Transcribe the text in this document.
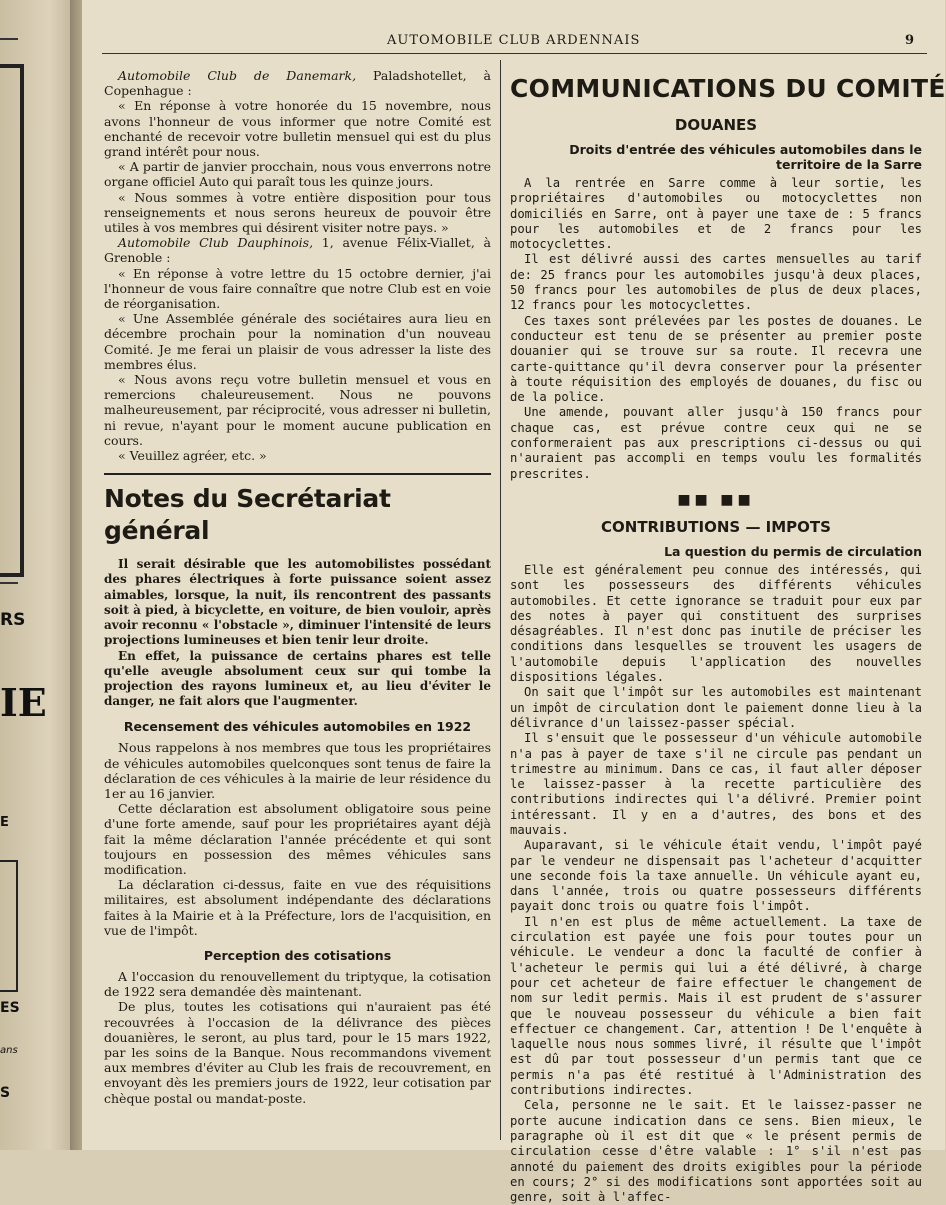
RS
IE
E
ES
ans
S
AUTOMOBILE CLUB ARDENNAIS	9

Automobile Club de Danemark, Paladshotellet, à Copenhague :

« En réponse à votre honorée du 15 novembre, nous avons l'honneur de vous informer que notre Comité est enchanté de recevoir votre bulletin mensuel qui est du plus grand intérêt pour nous.

« A partir de janvier procchain, nous vous enverrons notre organe officiel Auto qui paraît tous les quinze jours.

« Nous sommes à votre entière disposition pour tous renseignements et nous serons heureux de pouvoir être utiles à vos membres qui désirent visiter notre pays. »

Automobile Club Dauphinois, 1, avenue Félix-Viallet, à Grenoble :

« En réponse à votre lettre du 15 octobre dernier, j'ai l'honneur de vous faire connaître que notre Club est en voie de réorganisation.

« Une Assemblée générale des sociétaires aura lieu en décembre prochain pour la nomination d'un nouveau Comité. Je me ferai un plaisir de vous adresser la liste des membres élus.

« Nous avons reçu votre bulletin mensuel et vous en remercions chaleureusement. Nous ne pouvons malheureusement, par réciprocité, vous adresser ni bulletin, ni revue, n'ayant pour le moment aucune publication en cours.

« Veuillez agréer, etc. »

Notes du Secrétariat général

Il serait désirable que les automobilistes possédant des phares électriques à forte puissance soient assez aimables, lorsque, la nuit, ils rencontrent des passants soit à pied, à bicyclette, en voiture, de bien vouloir, après avoir reconnu « l'obstacle », diminuer l'intensité de leurs projections lumineuses et bien tenir leur droite.

En effet, la puissance de certains phares est telle qu'elle aveugle absolument ceux sur qui tombe la projection des rayons lumineux et, au lieu d'éviter le danger, ne fait alors que l'augmenter.

Recensement des véhicules automobiles en 1922

Nous rappelons à nos membres que tous les propriétaires de véhicules automobiles quelconques sont tenus de faire la déclaration de ces véhicules à la mairie de leur résidence du 1er au 16 janvier.

Cette déclaration est absolument obligatoire sous peine d'une forte amende, sauf pour les propriétaires ayant déjà fait la même déclaration l'année précédente et qui sont toujours en possession des mêmes véhicules sans modification.

La déclaration ci-dessus, faite en vue des réquisitions militaires, est absolument indépendante des déclarations faites à la Mairie et à la Préfecture, lors de l'acquisition, en vue de l'impôt.

Perception des cotisations

A l'occasion du renouvellement du triptyque, la cotisation de 1922 sera demandée dès maintenant.

De plus, toutes les cotisations qui n'auraient pas été recouvrées à l'occasion de la délivrance des pièces douanières, le seront, au plus tard, pour le 15 mars 1922, par les soins de la Banque. Nous recommandons vivement aux membres d'éviter au Club les frais de recouvrement, en envoyant dès les premiers jours de 1922, leur cotisation par chèque postal ou mandat-poste.

COMMUNICATIONS DU COMITÉ
DOUANES
Droits d'entrée des véhicules automobiles dans le territoire de la Sarre

A la rentrée en Sarre comme à leur sortie, les propriétaires d'automobiles ou motocyclettes non domiciliés en Sarre, ont à payer une taxe de : 5 francs pour les automobiles et de 2 francs pour les motocyclettes.

Il est délivré aussi des cartes mensuelles au tarif de: 25 francs pour les automobiles jusqu'à deux places, 50 francs pour les automobiles de plus de deux places, 12 francs pour les motocyclettes.

Ces taxes sont prélevées par les postes de douanes. Le conducteur est tenu de se présenter au premier poste douanier qui se trouve sur sa route. Il recevra une carte-quittance qu'il devra conserver pour la présenter à toute réquisition des employés de douanes, du fisc ou de la police.

Une amende, pouvant aller jusqu'à 150 francs pour chaque cas, est prévue contre ceux qui ne se conformeraient pas aux prescriptions ci-dessus ou qui n'auraient pas accompli en temps voulu les formalités prescrites.

■■ ■■
CONTRIBUTIONS — IMPOTS
La question du permis de circulation

Elle est généralement peu connue des intéressés, qui sont les possesseurs des différents véhicules automobiles. Et cette ignorance se traduit pour eux par des notes à payer qui constituent des surprises désagréables. Il n'est donc pas inutile de préciser les conditions dans lesquelles se trouvent les usagers de l'automobile depuis l'application des nouvelles dispositions légales.

On sait que l'impôt sur les automobiles est maintenant un impôt de circulation dont le paiement donne lieu à la délivrance d'un laissez-passer spécial.

Il s'ensuit que le possesseur d'un véhicule automobile n'a pas à payer de taxe s'il ne circule pas pendant un trimestre au minimum. Dans ce cas, il faut aller déposer le laissez-passer à la recette particulière des contributions indirectes qui l'a délivré. Premier point intéressant. Il y en a d'autres, des bons et des mauvais.

Auparavant, si le véhicule était vendu, l'impôt payé par le vendeur ne dispensait pas l'acheteur d'acquitter une seconde fois la taxe annuelle. Un véhicule ayant eu, dans l'année, trois ou quatre possesseurs différents payait donc trois ou quatre fois l'impôt.

Il n'en est plus de même actuellement. La taxe de circulation est payée une fois pour toutes pour un véhicule. Le vendeur a donc la faculté de confier à l'acheteur le permis qui lui a été délivré, à charge pour cet acheteur de faire effectuer le changement de nom sur ledit permis. Mais il est prudent de s'assurer que le nouveau possesseur du véhicule a bien fait effectuer ce changement. Car, attention ! De l'enquête à laquelle nous nous sommes livré, il résulte que l'impôt est dû par tout possesseur d'un permis tant que ce permis n'a pas été restitué à l'Administration des contributions indirectes.

Cela, personne ne le sait. Et le laissez-passer ne porte aucune indication dans ce sens. Bien mieux, le paragraphe où il est dit que « le présent permis de circulation cesse d'être valable : 1° s'il n'est pas annoté du paiement des droits exigibles pour la période en cours; 2° si des modifications sont apportées soit au genre, soit à l'affec-
